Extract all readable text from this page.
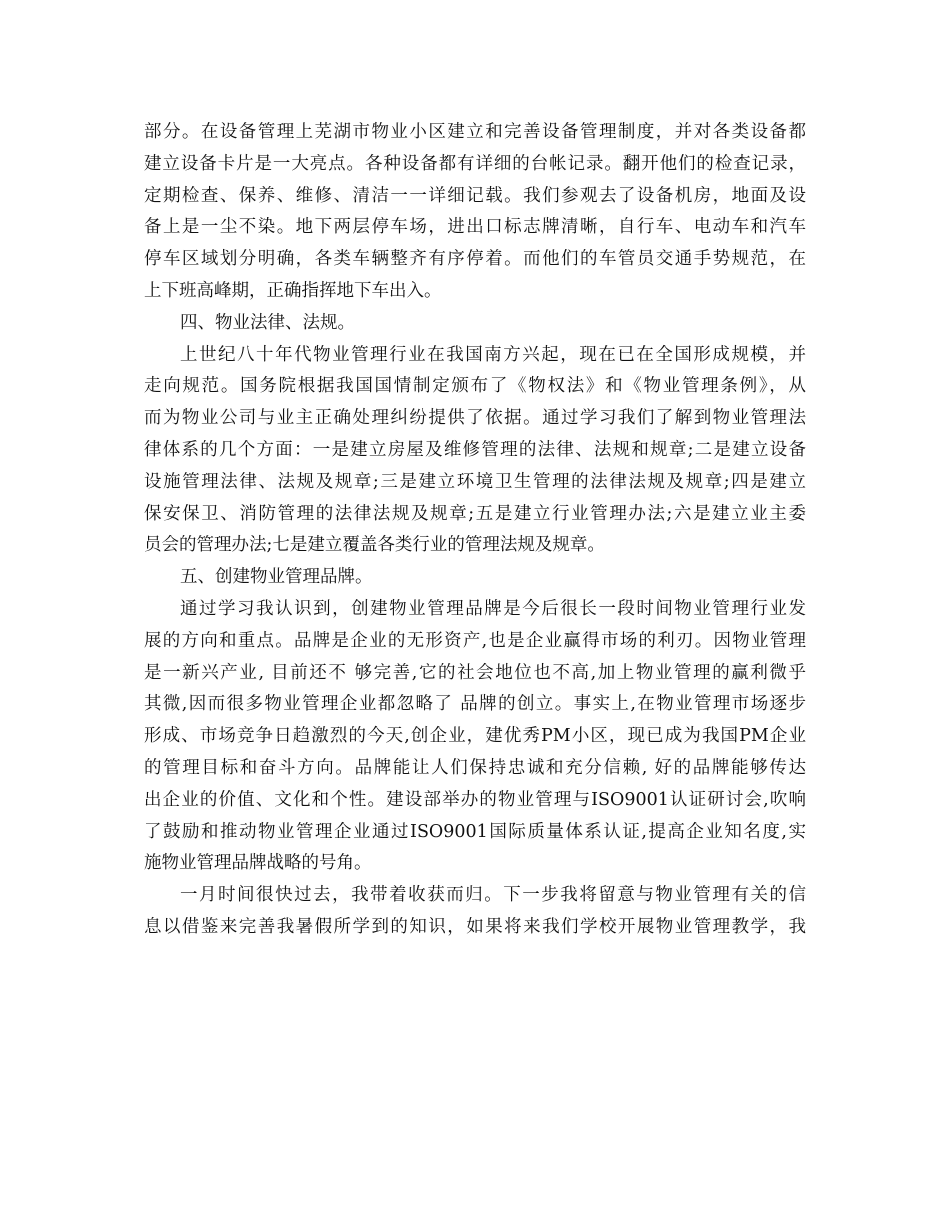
部分。在设备管理上芜湖市物业小区建立和完善设备管理制度，并对各类设备都
建立设备卡片是一大亮点。各种设备都有详细的台帐记录。翻开他们的检查记录，
定期检查、保养、维修、清洁一一详细记载。我们参观去了设备机房，地面及设
备上是一尘不染。地下两层停车场，进出口标志牌清晰，自行车、电动车和汽车
停车区域划分明确，各类车辆整齐有序停着。而他们的车管员交通手势规范，在
上下班高峰期，正确指挥地下车出入。
四、物业法律、法规。
上世纪八十年代物业管理行业在我国南方兴起，现在已在全国形成规模，并
走向规范。国务院根据我国国情制定颁布了《物权法》和《物业管理条例》，从
而为物业公司与业主正确处理纠纷提供了依据。通过学习我们了解到物业管理法
律体系的几个方面：一是建立房屋及维修管理的法律、法规和规章;二是建立设备
设施管理法律、法规及规章;三是建立环境卫生管理的法律法规及规章;四是建立
保安保卫、消防管理的法律法规及规章;五是建立行业管理办法;六是建立业主委
员会的管理办法;七是建立覆盖各类行业的管理法规及规章。
五、创建物业管理品牌。
通过学习我认识到，创建物业管理品牌是今后很长一段时间物业管理行业发
展的方向和重点。品牌是企业的无形资产,也是企业赢得市场的利刃。因物业管理
是一新兴产业, 目前还不 够完善,它的社会地位也不高,加上物业管理的赢利微乎
其微,因而很多物业管理企业都忽略了 品牌的创立。事实上,在物业管理市场逐步
形成、市场竞争日趋激烈的今天,创企业，建优秀PM小区，现已成为我国PM企业
的管理目标和奋斗方向。品牌能让人们保持忠诚和充分信赖, 好的品牌能够传达
出企业的价值、文化和个性。建设部举办的物业管理与ISO9001认证研讨会,吹响
了鼓励和推动物业管理企业通过ISO9001国际质量体系认证,提高企业知名度,实
施物业管理品牌战略的号角。
一月时间很快过去，我带着收获而归。下一步我将留意与物业管理有关的信
息以借鉴来完善我暑假所学到的知识，如果将来我们学校开展物业管理教学，我
